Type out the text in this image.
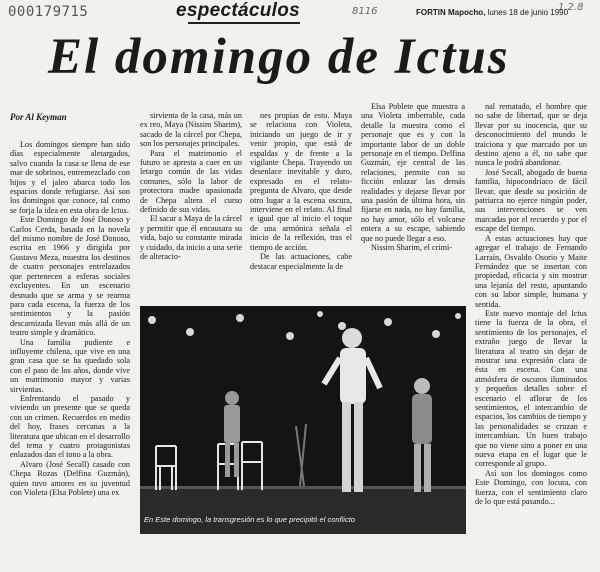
000179715	8116	1.2.8
espectáculos	FORTIN Mapocho, lunes 18 de junio 1990
El domingo de Ictus
Por Al Keyman

Los domingos siempre han sido días especialmente aletargados, salvo cuando la casa se llena de ese mar de sobrinos, entremezclado con hijos y el jaleo abarca todo los espacios donde refugiarse. Así son los domingos que conoce, tal como se forja la idea en esta obra de Ictus.

Este Domingo de José Donoso y Carlos Cerda, basada en la novela del mismo nombre de José Donoso, escrita en 1966 y dirigida por Gustavo Meza, muestra los destinos de cuatro personajes entrelazados que pertenecen a esferas sociales excluyentes. En un escenario desnudo que se arma y se rearma para cada escena, la fuerza de los sentimientos y la pasión descarnizada llevan más allá de un teatro simple y dramático.

Una familia pudiente e influyente chilena, que vive en una gran casa que se ha quedado sola con el paso de los años, donde vive un matrimonio mayor y varias sirvientas.

Enfrentando el pasado y viviendo un presente que se queda con un crimen. Recuerdos en medio del hoy, frases cercanas a la literatura que ubican en el desarrollo del tema y cuatro protagonistas enlazados dan el tono a la obra.

Alvaro (José Secall) casado con Chepa Rozas (Delfina Guzmán), quien tuvo amores en su juventud con Violeta (Elsa Poblete) una ex

sirvienta de la casa, más un ex reo, Maya (Nissim Sharim), sacado de la cárcel por Chepa, son los personajes principales.

Para el matrimonio el futuro se apresta a caer en un letargo común de las vidas comunes, sólo la labor de protectora madre apasionada de Chepa altera el curso definido de sus vidas.

El sacar a Maya de la cárcel y permitir que él encausara su vida, bajo su constante mirada y cuidado, da inicio a una serie de alteracio-

nes propias de esto. Maya se relaciona con Violeta, iniciando un juego de ir y venir propio, que está de espaldas y de frente a la vigilante Chepa. Trayendo un desenlace inevitable y duro, expresado en el relato-pregunta de Alvaro, que desde otro lugar a la escena oscura, interviene en el relato. Al final e igual que al inicio el toque de una armónica señala el inicio de la reflexión, tras el tiempo de acción.

De las actuaciones, cabe destacar especialmente la de

Elsa Poblete que muestra a una Violeta imberrable, cada detalle la muestra como el personaje que es y con la importante labor de un doble personaje en el tiempo. Delfina Guzmán, eje central de las relaciones, permite con su ficción enlazar las demás realidades y dejarse llevar por una pasión de última hora, sin fijarse en nada, no hay familia, no hay amor, sólo el volcarse entera a su escape, sabiendo que no puede llegar a eso.

Nissim Sharim, el crimi-

nal rematado, el hombre que no sabe de libertad, que se deja llevar por su inocencia, que su desconocimiento del mundo le traiciona y que marcado por un destino ajeno a él, no sabe que nunca le podrá abandonar.

José Secall, abogado de buena familia, hipocondríaco de fácil llevar, que desde su posición de patriarca no ejerce ningún poder, sus intervenciones se ven marcadas por el recuerdo y por el escape del tiempo.

A estas actuaciones hay que agregar el trabajo de Fernando Larraín, Osvaldo Osorio y Maite Fernández que se insertan con propiedad, eficacia y sin mostrar una lejanía del resto, apuntando con su labor simple, humana y sentida.

Este nuevo montaje del Ictus tiene la fuerza de la obra, el sentimiento de los personajes, el extraño juego de llevar la literatura al teatro sin dejar de mostrar una expresión clara de ésta en escena. Con una atmósfera de oscuros iluminados y pequeños detalles sobre el escenario el aflorar de los sentimientos, el intercambio de espacios, los cambios de tiempo y las personalidades se cruzan e intercambian. Un buen trabajo que no viene sino a poner en una nueva etapa en el lugar que le corresponde al grupo.

Así son los domingos como Este Domingo, con locura, con fuerza, con el sentimiento claro de lo que está pasando...

En Este domingo, la transgresión es lo que precipitó el conflicto
